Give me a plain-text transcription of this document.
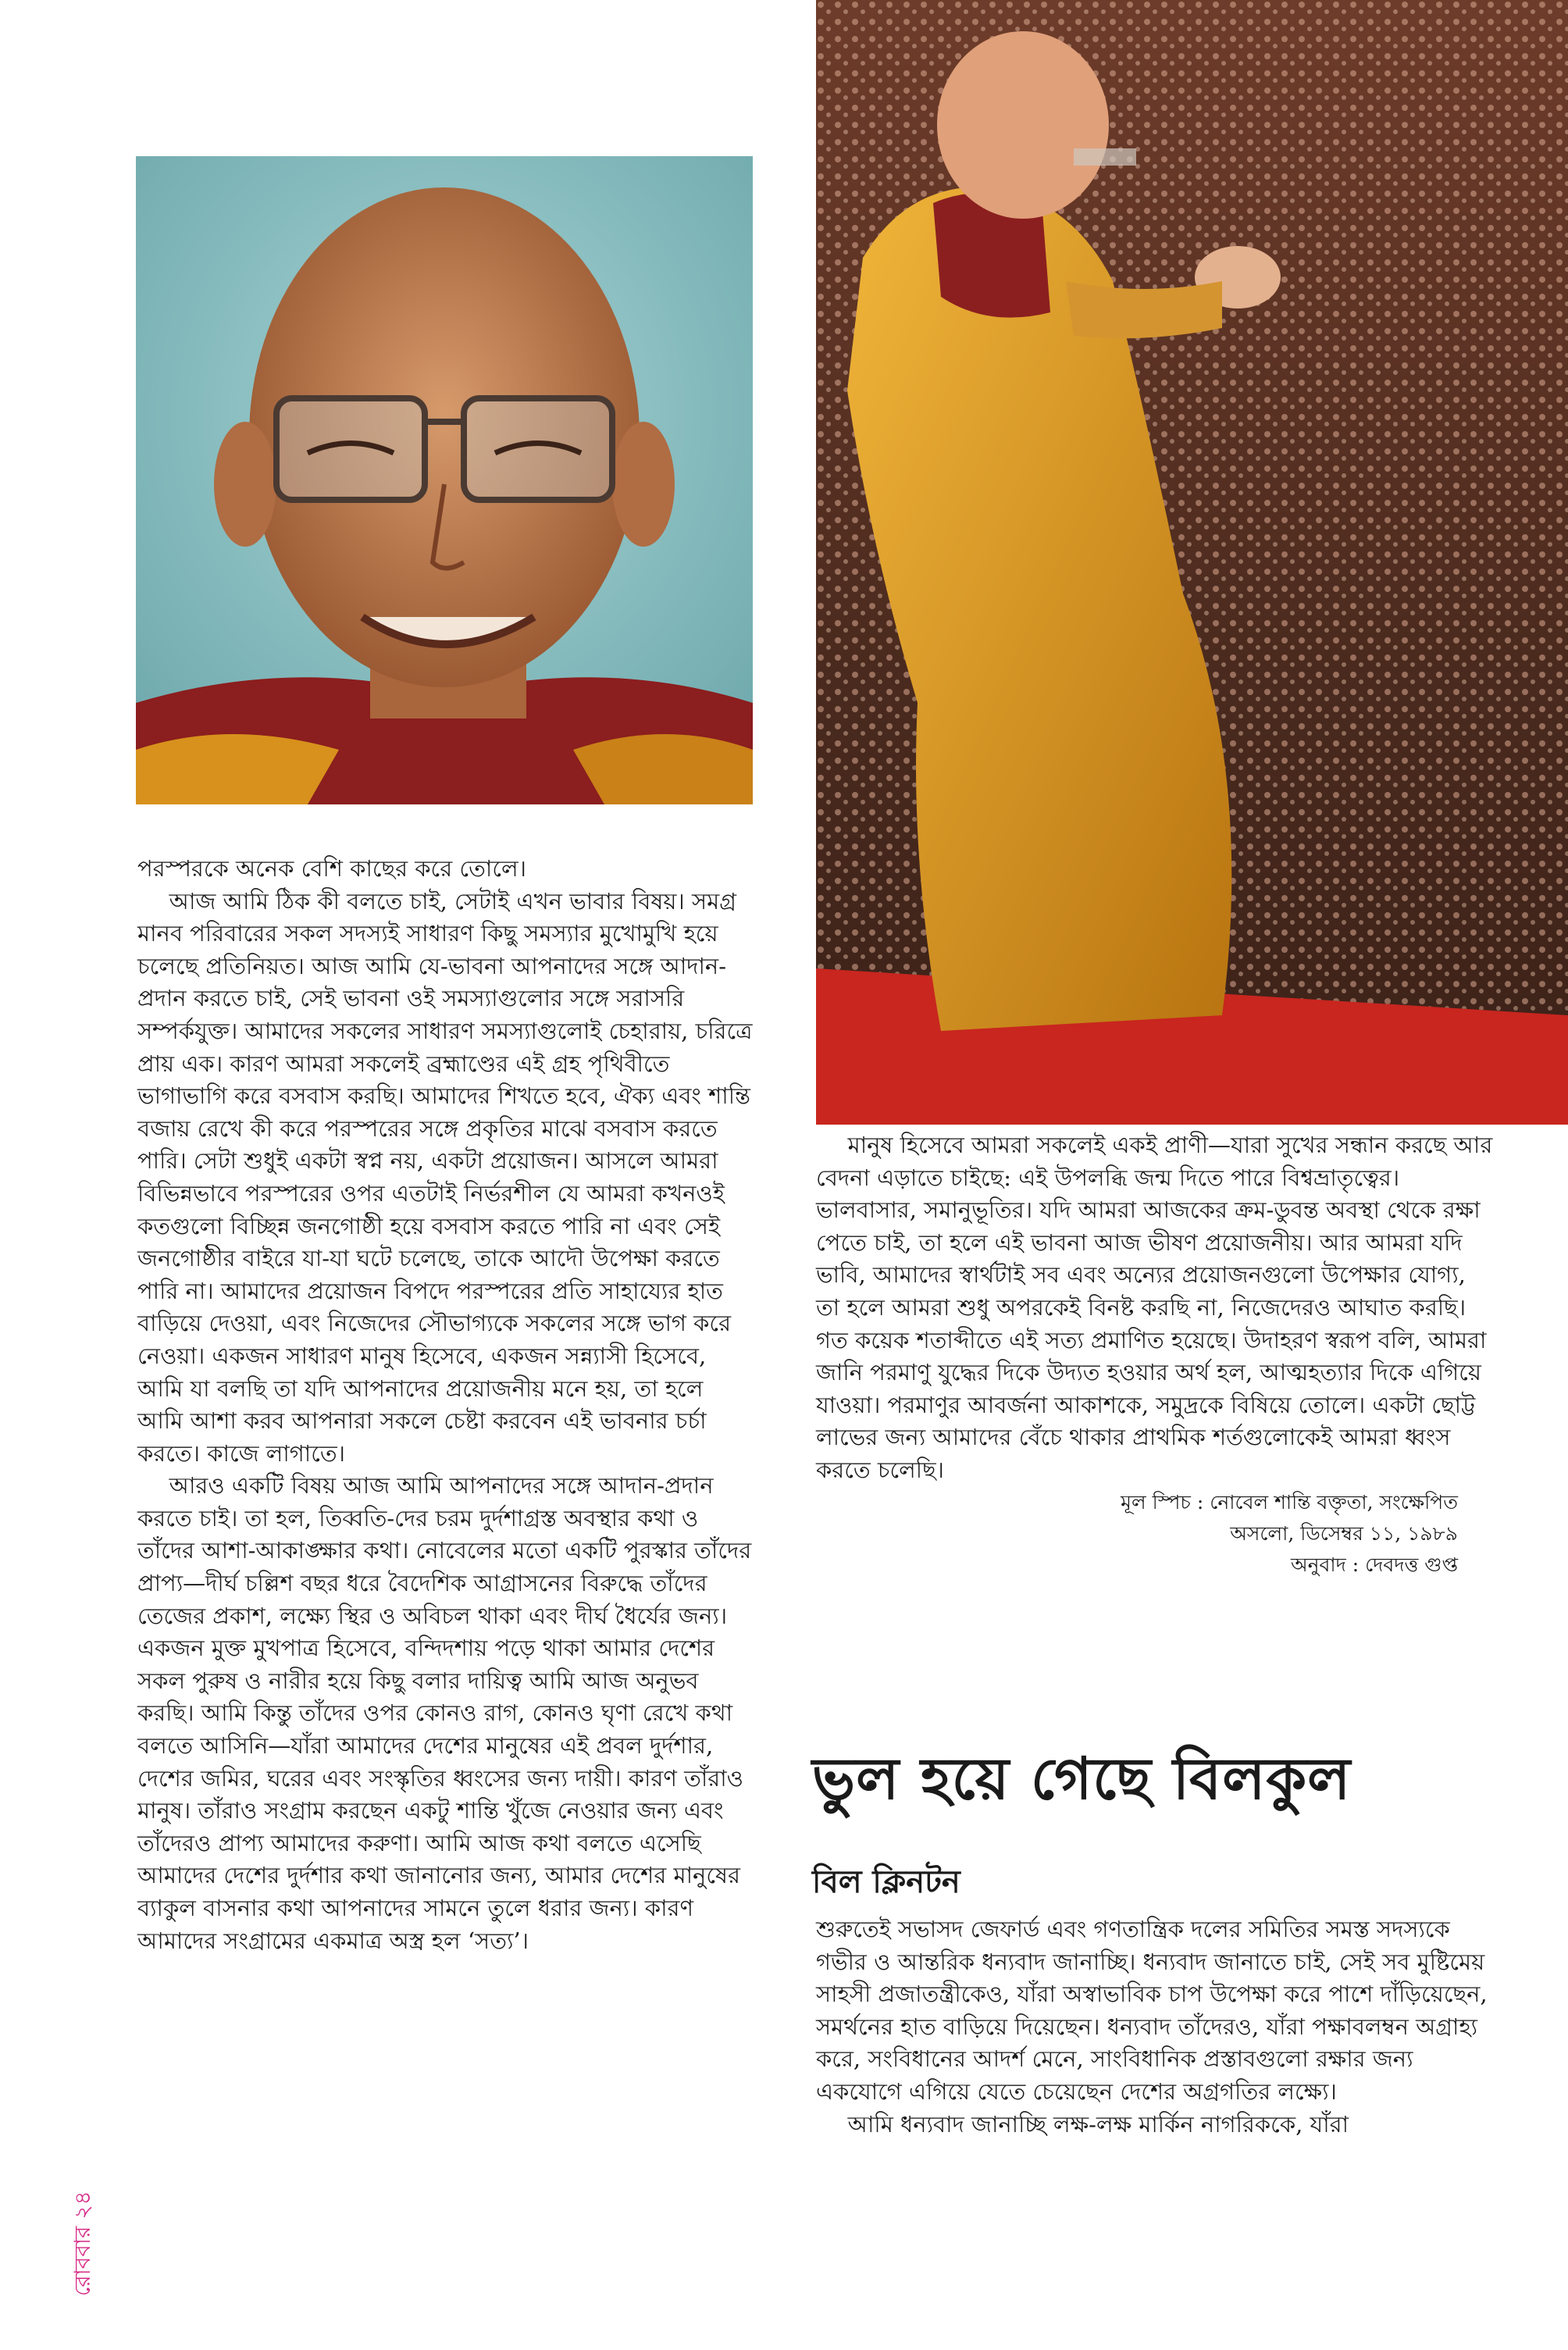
পরস্পরকে অনেক বেশি কাছের করে তোলে।

আজ আমি ঠিক কী বলতে চাই, সেটাই এখন ভাবার বিষয়। সমগ্র মানব পরিবারের সকল সদস্যই সাধারণ কিছু সমস্যার মুখোমুখি হয়ে চলেছে প্রতিনিয়ত। আজ আমি যে-ভাবনা আপনাদের সঙ্গে আদান-প্রদান করতে চাই, সেই ভাবনা ওই সমস্যাগুলোর সঙ্গে সরাসরি সম্পর্কযুক্ত। আমাদের সকলের সাধারণ সমস্যাগুলোই চেহারায়, চরিত্রে প্রায় এক। কারণ আমরা সকলেই ব্রহ্মাণ্ডের এই গ্রহ পৃথিবীতে ভাগাভাগি করে বসবাস করছি। আমাদের শিখতে হবে, ঐক্য এবং শান্তি বজায় রেখে কী করে পরস্পরের সঙ্গে প্রকৃতির মাঝে বসবাস করতে পারি। সেটা শুধুই একটা স্বপ্ন নয়, একটা প্রয়োজন। আসলে আমরা বিভিন্নভাবে পরস্পরের ওপর এতটাই নির্ভরশীল যে আমরা কখনওই কতগুলো বিচ্ছিন্ন জনগোষ্ঠী হয়ে বসবাস করতে পারি না এবং সেই জনগোষ্ঠীর বাইরে যা-যা ঘটে চলেছে, তাকে আদৌ উপেক্ষা করতে পারি না। আমাদের প্রয়োজন বিপদে পরস্পরের প্রতি সাহায্যের হাত বাড়িয়ে দেওয়া, এবং নিজেদের সৌভাগ্যকে সকলের সঙ্গে ভাগ করে নেওয়া। একজন সাধারণ মানুষ হিসেবে, একজন সন্ন্যাসী হিসেবে, আমি যা বলছি তা যদি আপনাদের প্রয়োজনীয় মনে হয়, তা হলে আমি আশা করব আপনারা সকলে চেষ্টা করবেন এই ভাবনার চর্চা করতে। কাজে লাগাতে।

আরও একটি বিষয় আজ আমি আপনাদের সঙ্গে আদান-প্রদান করতে চাই। তা হল, তিব্বতি-দের চরম দুর্দশাগ্রস্ত অবস্থার কথা ও তাঁদের আশা-আকাঙ্ক্ষার কথা। নোবেলের মতো একটি পুরস্কার তাঁদের প্রাপ্য—দীর্ঘ চল্লিশ বছর ধরে বৈদেশিক আগ্রাসনের বিরুদ্ধে তাঁদের তেজের প্রকাশ, লক্ষ্যে স্থির ও অবিচল থাকা এবং দীর্ঘ ধৈর্যের জন্য। একজন মুক্ত মুখপাত্র হিসেবে, বন্দিদশায় পড়ে থাকা আমার দেশের সকল পুরুষ ও নারীর হয়ে কিছু বলার দায়িত্ব আমি আজ অনুভব করছি। আমি কিন্তু তাঁদের ওপর কোনও রাগ, কোনও ঘৃণা রেখে কথা বলতে আসিনি—যাঁরা আমাদের দেশের মানুষের এই প্রবল দুর্দশার, দেশের জমির, ঘরের এবং সংস্কৃতির ধ্বংসের জন্য দায়ী। কারণ তাঁরাও মানুষ। তাঁরাও সংগ্রাম করছেন একটু শান্তি খুঁজে নেওয়ার জন্য এবং তাঁদেরও প্রাপ্য আমাদের করুণা। আমি আজ কথা বলতে এসেছি আমাদের দেশের দুর্দশার কথা জানানোর জন্য, আমার দেশের মানুষের ব্যাকুল বাসনার কথা আপনাদের সামনে তুলে ধরার জন্য। কারণ আমাদের সংগ্রামের একমাত্র অস্ত্র হল ‘সত্য’।

মানুষ হিসেবে আমরা সকলেই একই প্রাণী—যারা সুখের সন্ধান করছে আর বেদনা এড়াতে চাইছে: এই উপলব্ধি জন্ম দিতে পারে বিশ্বভ্রাতৃত্বের। ভালবাসার, সমানুভূতির। যদি আমরা আজকের ক্রম-ডুবন্ত অবস্থা থেকে রক্ষা পেতে চাই, তা হলে এই ভাবনা আজ ভীষণ প্রয়োজনীয়। আর আমরা যদি ভাবি, আমাদের স্বার্থটাই সব এবং অন্যের প্রয়োজনগুলো উপেক্ষার যোগ্য, তা হলে আমরা শুধু অপরকেই বিনষ্ট করছি না, নিজেদেরও আঘাত করছি। গত কয়েক শতাব্দীতে এই সত্য প্রমাণিত হয়েছে। উদাহরণ স্বরূপ বলি, আমরা জানি পরমাণু যুদ্ধের দিকে উদ্যত হওয়ার অর্থ হল, আত্মহত্যার দিকে এগিয়ে যাওয়া। পরমাণুর আবর্জনা আকাশকে, সমুদ্রকে বিষিয়ে তোলে। একটা ছোট্ট লাভের জন্য আমাদের বেঁচে থাকার প্রাথমিক শর্তগুলোকেই আমরা ধ্বংস করতে চলেছি।

মূল স্পিচ : নোবেল শান্তি বক্তৃতা, সংক্ষেপিত

অসলো, ডিসেম্বর ১১, ১৯৮৯

অনুবাদ : দেবদত্ত গুপ্ত

ভুল হয়ে গেছে বিলকুল
বিল ক্লিনটন

শুরুতেই সভাসদ জেফার্ড এবং গণতান্ত্রিক দলের সমিতির সমস্ত সদস্যকে গভীর ও আন্তরিক ধন্যবাদ জানাচ্ছি। ধন্যবাদ জানাতে চাই, সেই সব মুষ্টিমেয় সাহসী প্রজাতন্ত্রীকেও, যাঁরা অস্বাভাবিক চাপ উপেক্ষা করে পাশে দাঁড়িয়েছেন, সমর্থনের হাত বাড়িয়ে দিয়েছেন। ধন্যবাদ তাঁদেরও, যাঁরা পক্ষাবলম্বন অগ্রাহ্য করে, সংবিধানের আদর্শ মেনে, সাংবিধানিক প্রস্তাবগুলো রক্ষার জন্য একযোগে এগিয়ে যেতে চেয়েছেন দেশের অগ্রগতির লক্ষ্যে।

আমি ধন্যবাদ জানাচ্ছি লক্ষ-লক্ষ মার্কিন নাগরিককে, যাঁরা

রোববার ২৪
